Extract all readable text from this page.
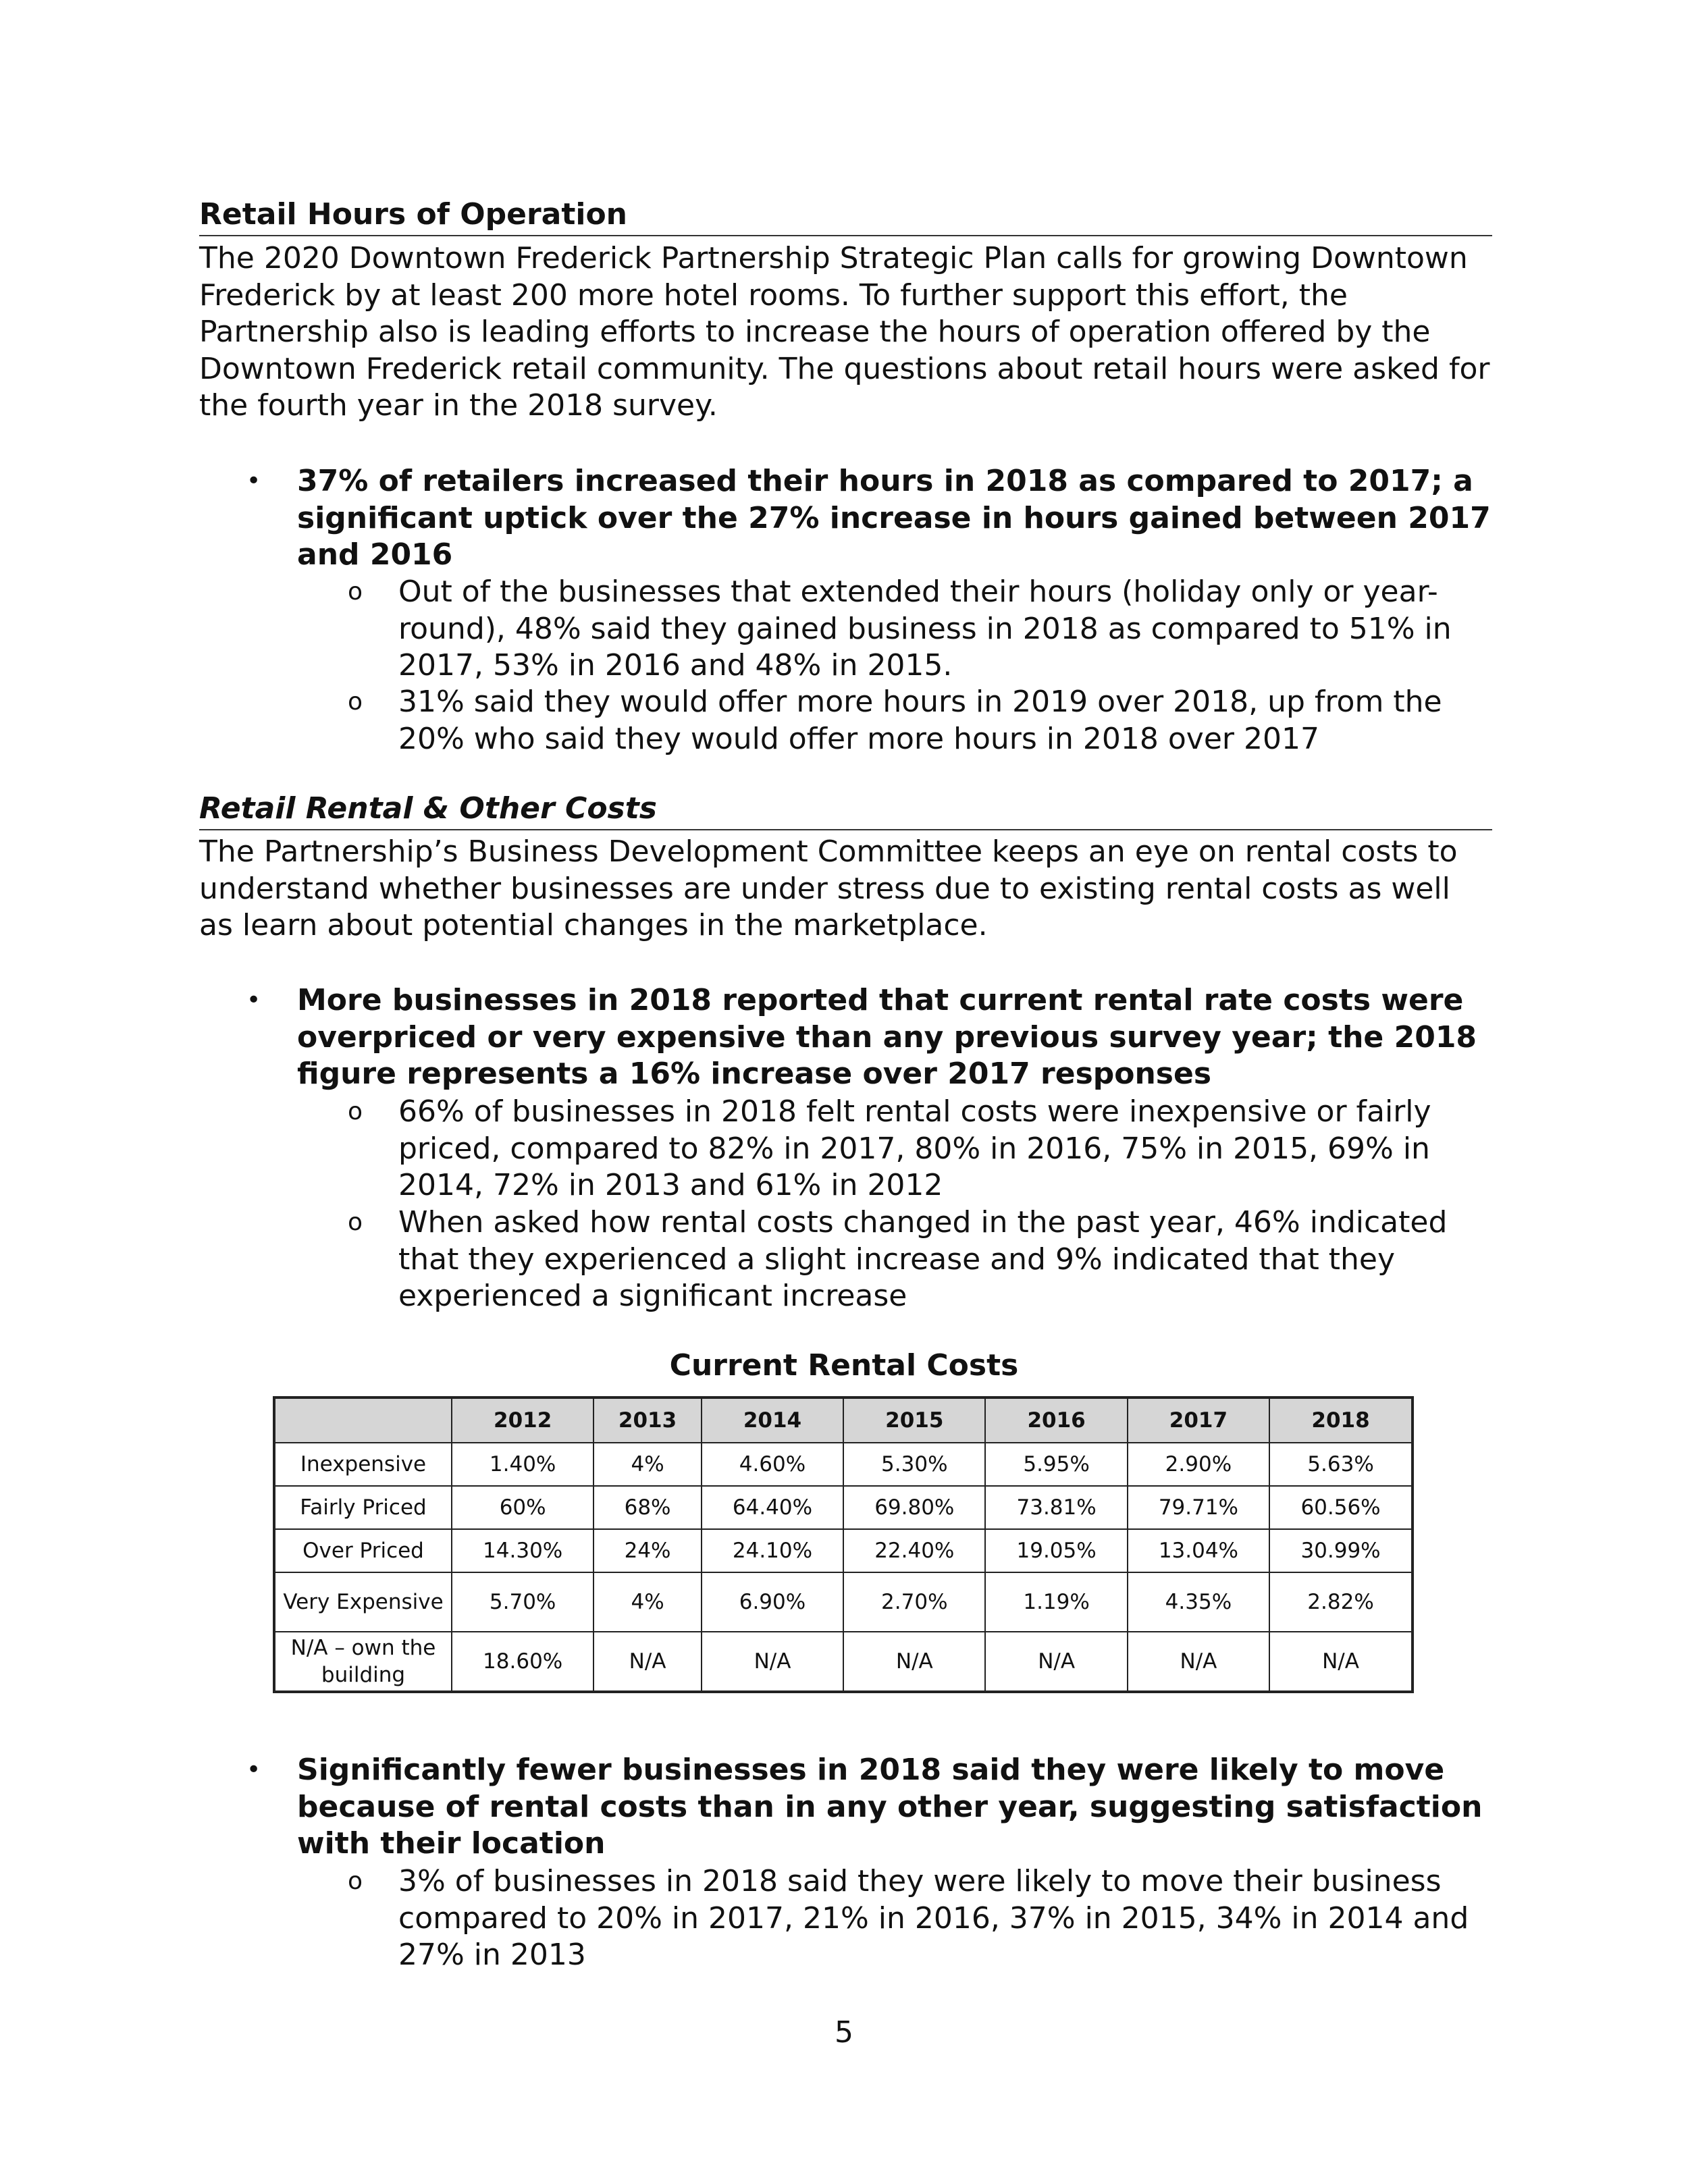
Retail Hours of Operation

The 2020 Downtown Frederick Partnership Strategic Plan calls for growing Downtown Frederick by at least 200 more hotel rooms. To further support this effort, the Partnership also is leading efforts to increase the hours of operation offered by the Downtown Frederick retail community. The questions about retail hours were asked for the fourth year in the 2018 survey.

• 37% of retailers increased their hours in 2018 as compared to 2017; a significant uptick over the 27% increase in hours gained between 2017 and 2016
o Out of the businesses that extended their hours (holiday only or year-round), 48% said they gained business in 2018 as compared to 51% in 2017, 53% in 2016 and 48% in 2015.
o 31% said they would offer more hours in 2019 over 2018, up from the 20% who said they would offer more hours in 2018 over 2017
Retail Rental & Other Costs

The Partnership’s Business Development Committee keeps an eye on rental costs to understand whether businesses are under stress due to existing rental costs as well as learn about potential changes in the marketplace.

• More businesses in 2018 reported that current rental rate costs were overpriced or very expensive than any previous survey year; the 2018 figure represents a 16% increase over 2017 responses
o 66% of businesses in 2018 felt rental costs were inexpensive or fairly priced, compared to 82% in 2017, 80% in 2016, 75% in 2015, 69% in 2014, 72% in 2013 and 61% in 2012
o When asked how rental costs changed in the past year, 46% indicated that they experienced a slight increase and 9% indicated that they experienced a significant increase
Current Rental Costs
	2012	2013	2014	2015	2016	2017	2018
Inexpensive	1.40%	4%	4.60%	5.30%	5.95%	2.90%	5.63%
Fairly Priced	60%	68%	64.40%	69.80%	73.81%	79.71%	60.56%
Over Priced	14.30%	24%	24.10%	22.40%	19.05%	13.04%	30.99%
Very Expensive	5.70%	4%	6.90%	2.70%	1.19%	4.35%	2.82%
N/A – own the building	18.60%	N/A	N/A	N/A	N/A	N/A	N/A
• Significantly fewer businesses in 2018 said they were likely to move because of rental costs than in any other year, suggesting satisfaction with their location
o 3% of businesses in 2018 said they were likely to move their business compared to 20% in 2017, 21% in 2016, 37% in 2015, 34% in 2014 and 27% in 2013
5
